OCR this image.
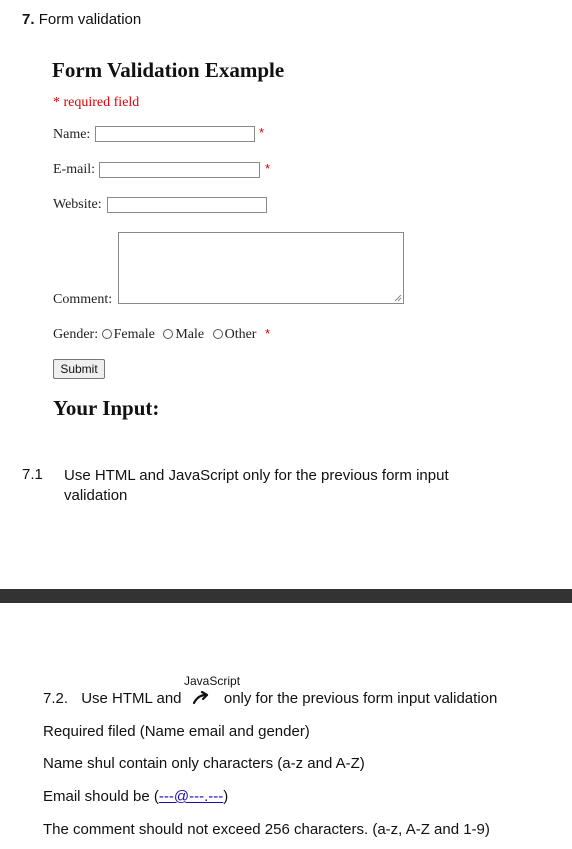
7. Form validation
Form Validation Example
* required field
Name:	*
E-mail:	*
Website:
Comment:
Gender: Female Male Other *
Submit
Your Input:
7.1 Use HTML and JavaScript only for the previous form input validation
JavaScript
7.2. Use HTML and	only for the previous form input validation
Required filed (Name email and gender)
Name shul contain only characters (a-z and A-Z)
Email should be (---@---.---)
The comment should not exceed 256 characters. (a-z, A-Z and 1-9)
